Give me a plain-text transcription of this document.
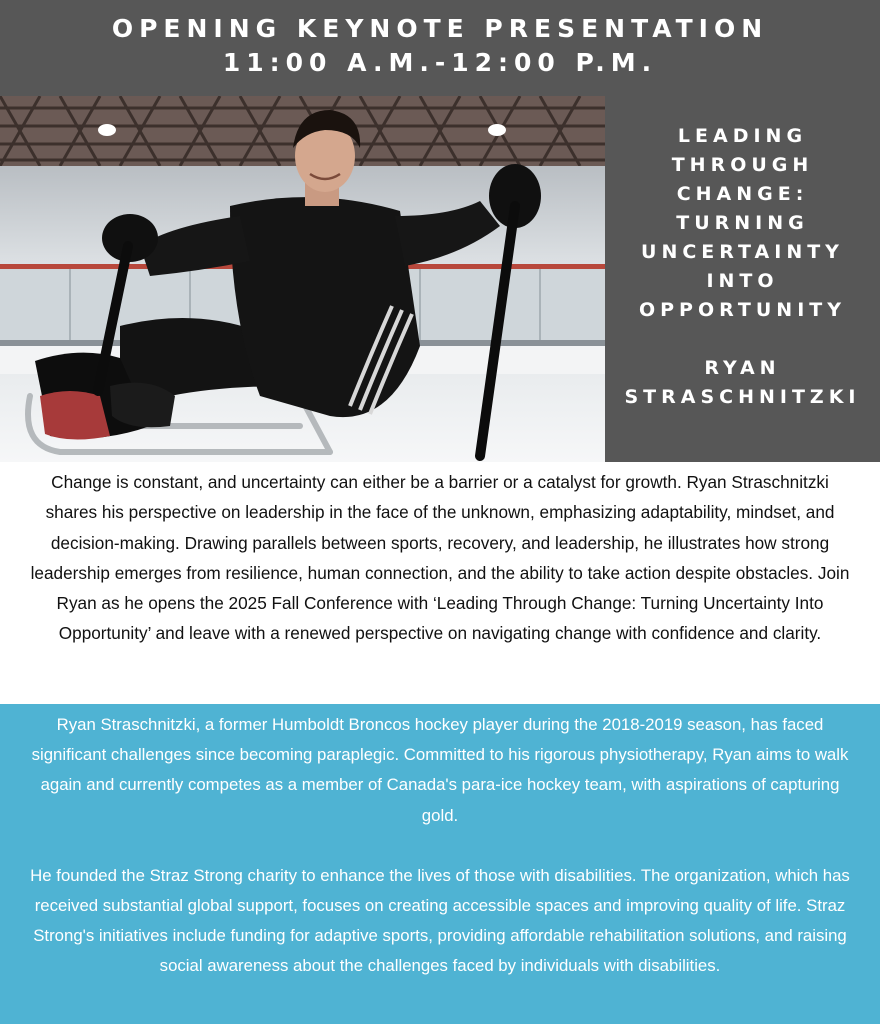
OPENING KEYNOTE PRESENTATION
11:00 A.M.-12:00 P.M.
LEADING
THROUGH
CHANGE:
TURNING
UNCERTAINTY
INTO
OPPORTUNITY
RYAN
STRASCHNITZKI
Change is constant, and uncertainty can either be a barrier or a catalyst for growth. Ryan Straschnitzki shares his perspective on leadership in the face of the unknown, emphasizing adaptability, mindset, and decision-making. Drawing parallels between sports, recovery, and leadership, he illustrates how strong leadership emerges from resilience, human connection, and the ability to take action despite obstacles. Join Ryan as he opens the 2025 Fall Conference with ‘Leading Through Change: Turning Uncertainty Into Opportunity’ and leave with a renewed perspective on navigating change with confidence and clarity.

Ryan Straschnitzki, a former Humboldt Broncos hockey player during the 2018-2019 season, has faced significant challenges since becoming paraplegic. Committed to his rigorous physiotherapy, Ryan aims to walk again and currently competes as a member of Canada's para-ice hockey team, with aspirations of capturing gold.

He founded the Straz Strong charity to enhance the lives of those with disabilities. The organization, which has received substantial global support, focuses on creating accessible spaces and improving quality of life. Straz Strong's initiatives include funding for adaptive sports, providing affordable rehabilitation solutions, and raising social awareness about the challenges faced by individuals with disabilities.
